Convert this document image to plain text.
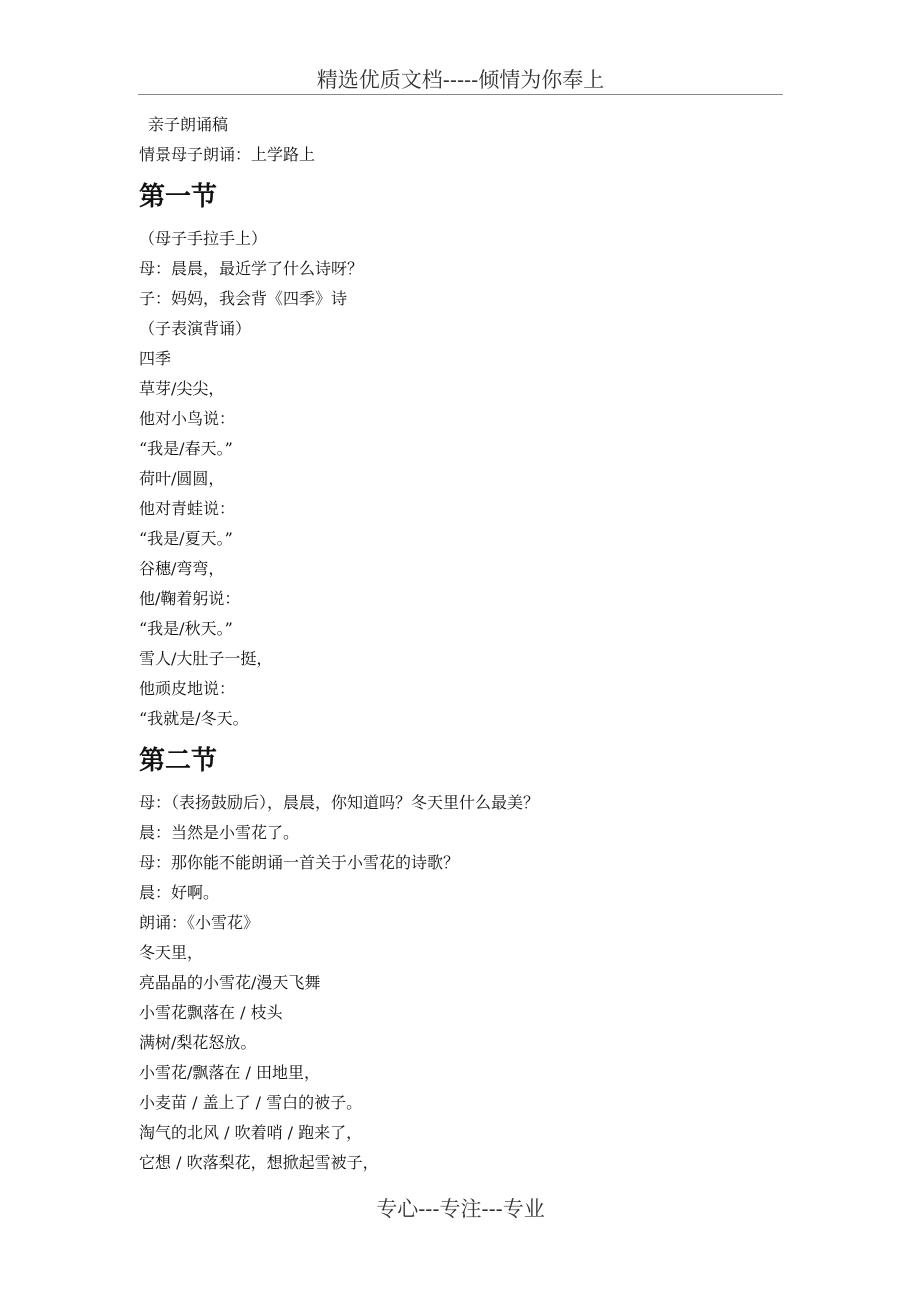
精选优质文档-----倾情为你奉上
亲子朗诵稿
情景母子朗诵：上学路上
第一节
（母子手拉手上）
母：晨晨，最近学了什么诗呀？
子：妈妈，我会背《四季》诗
（子表演背诵）
四季
草芽/尖尖，
他对小鸟说：
“我是/春天。”
荷叶/圆圆，
他对青蛙说：
“我是/夏天。”
谷穗/弯弯，
他/鞠着躬说：
“我是/秋天。”
雪人/大肚子一挺，
他顽皮地说：
“我就是/冬天。
第二节
母：（表扬鼓励后），晨晨，你知道吗？冬天里什么最美？
晨：当然是小雪花了。
母：那你能不能朗诵一首关于小雪花的诗歌？
晨：好啊。
朗诵：《小雪花》
冬天里，
亮晶晶的小雪花/漫天飞舞
小雪花飘落在 / 枝头
满树/梨花怒放。
小雪花/飘落在 / 田地里，
小麦苗 / 盖上了 / 雪白的被子。
淘气的北风 / 吹着哨 / 跑来了，
它想 / 吹落梨花，想掀起雪被子，
专心---专注---专业
